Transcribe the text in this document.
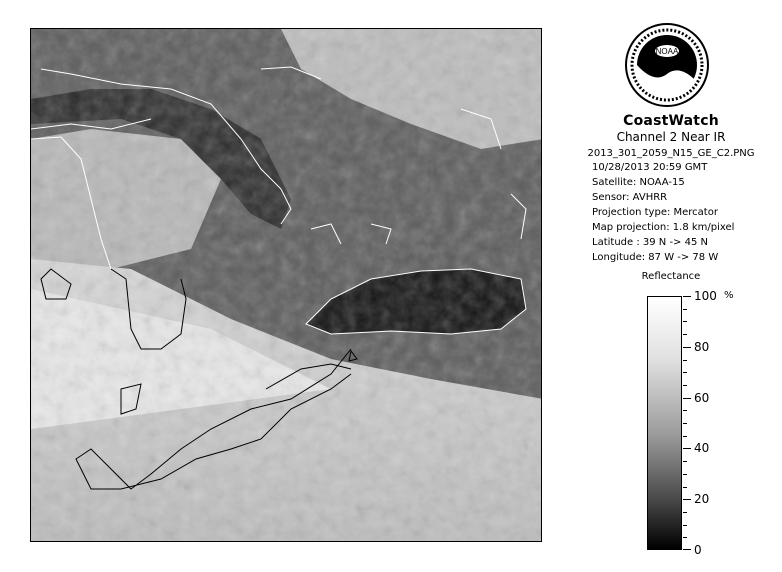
NOAA
CoastWatch
Channel 2 Near IR
2013_301_2059_N15_GE_C2.PNG
10/28/2013 20:59 GMT
Satellite: NOAA-15
Sensor: AVHRR
Projection type: Mercator
Map projection: 1.8 km/pixel
Latitude : 39 N -> 45 N
Longitude: 87 W -> 78 W
Reflectance
%
100
80
60
40
20
0
